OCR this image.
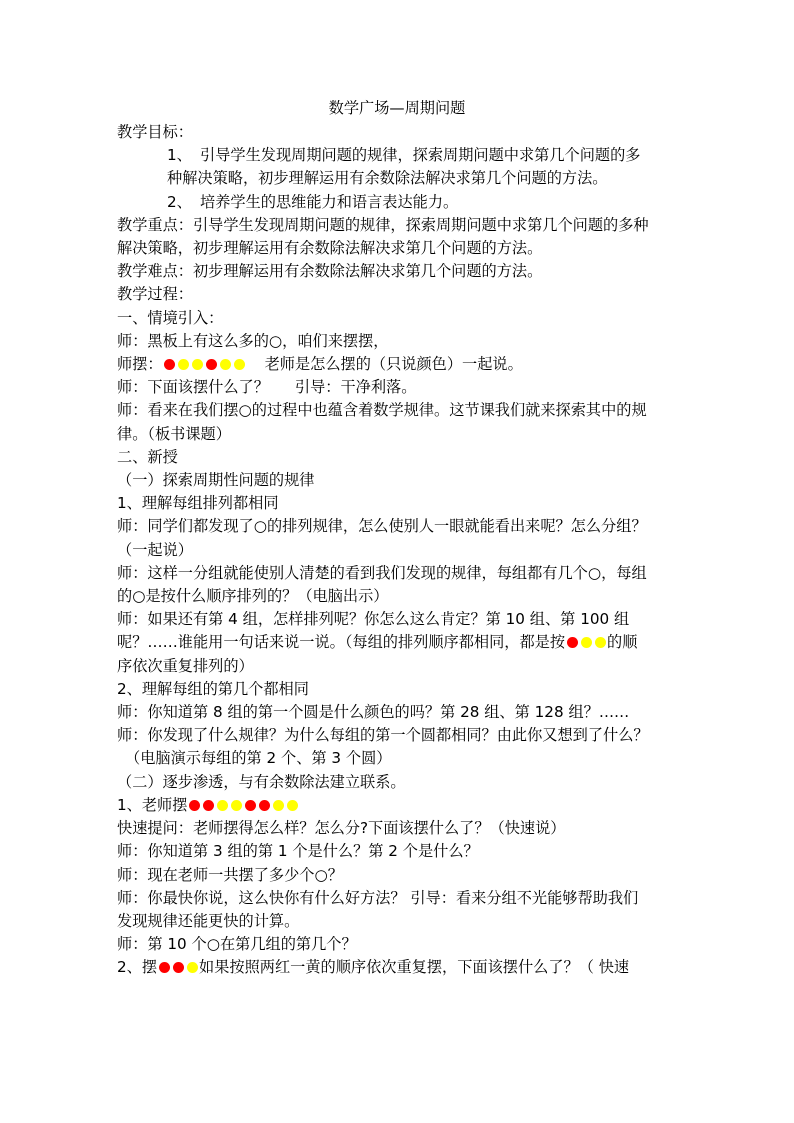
数学广场—周期问题
教学目标：
1、 引导学生发现周期问题的规律，探索周期问题中求第几个问题的多
种解决策略，初步理解运用有余数除法解决求第几个问题的方法。
2、 培养学生的思维能力和语言表达能力。
教学重点：引导学生发现周期问题的规律，探索周期问题中求第几个问题的多种
解决策略，初步理解运用有余数除法解决求第几个问题的方法。
教学难点：初步理解运用有余数除法解决求第几个问题的方法。
教学过程：
一、情境引入：
师：黑板上有这么多的○，咱们来摆摆，
师摆：	老师是怎么摆的（只说颜色）一起说。
师：下面该摆什么了？ 引导：干净利落。
师：看来在我们摆○的过程中也蕴含着数学规律。这节课我们就来探索其中的规
律。（板书课题）
二、新授
（一）探索周期性问题的规律
1、理解每组排列都相同
师：同学们都发现了○的排列规律，怎么使别人一眼就能看出来呢？怎么分组？
（一起说）
师：这样一分组就能使别人清楚的看到我们发现的规律，每组都有几个○，每组
的○是按什么顺序排列的？（电脑出示）
师：如果还有第 4 组，怎样排列呢？你怎么这么肯定？第 10 组、第 100 组
呢？……谁能用一句话来说一说。（每组的排列顺序都相同，都是按	的顺
序依次重复排列的）
2、理解每组的第几个都相同
师：你知道第 8 组的第一个圆是什么颜色的吗？第 28 组、第 128 组？……
师：你发现了什么规律？为什么每组的第一个圆都相同？由此你又想到了什么？
（电脑演示每组的第 2 个、第 3 个圆）
（二）逐步渗透，与有余数除法建立联系。
1、老师摆
快速提问：老师摆得怎么样？怎么分?下面该摆什么了？（快速说）
师：你知道第 3 组的第 1 个是什么？第 2 个是什么？
师：现在老师一共摆了多少个○？
师：你最快你说，这么快你有什么好方法？ 引导：看来分组不光能够帮助我们
发现规律还能更快的计算。
师：第 10 个○在第几组的第几个？
2、摆	如果按照两红一黄的顺序依次重复摆，下面该摆什么了？（ 快速
